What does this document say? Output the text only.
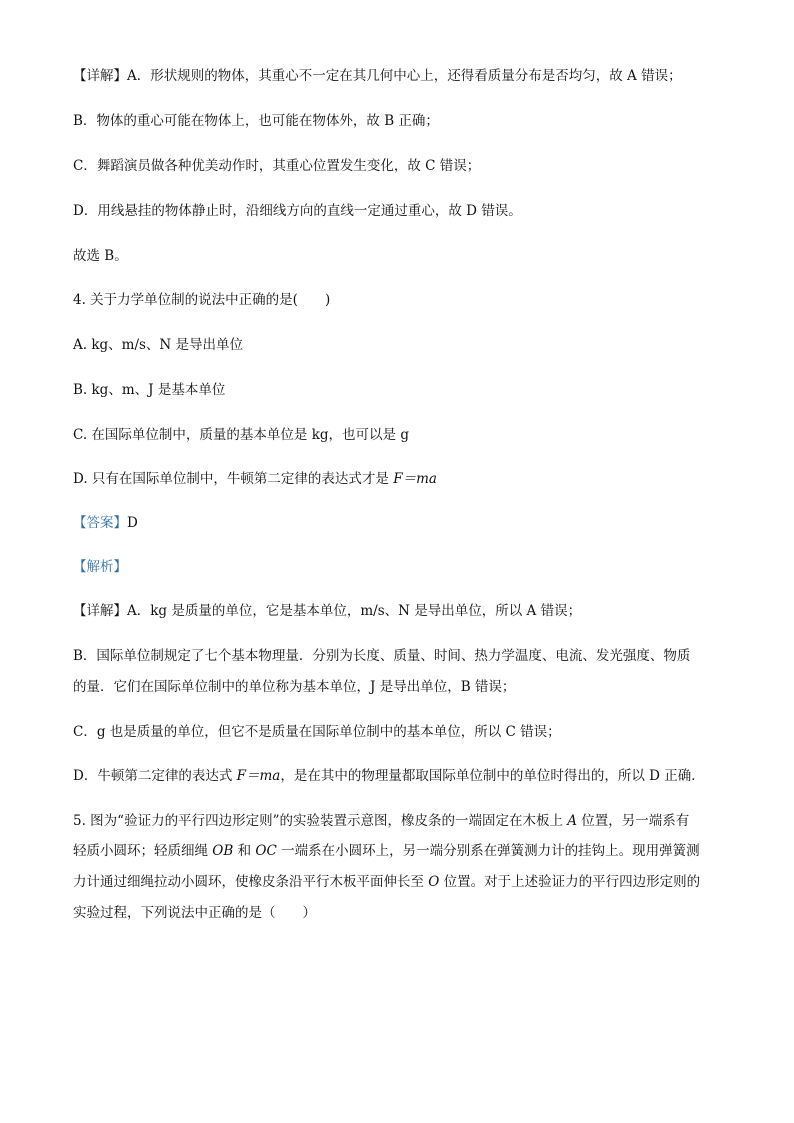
【详解】A．形状规则的物体，其重心不一定在其几何中心上，还得看质量分布是否均匀，故 A 错误；
B．物体的重心可能在物体上，也可能在物体外，故 B 正确；
C．舞蹈演员做各种优美动作时，其重心位置发生变化，故 C 错误；
D．用线悬挂的物体静止时，沿细线方向的直线一定通过重心，故 D 错误。
故选 B。
4. 关于力学单位制的说法中正确的是(　　)
A. kg、m/s、N 是导出单位
B. kg、m、J 是基本单位
C. 在国际单位制中，质量的基本单位是 kg，也可以是 g
D. 只有在国际单位制中，牛顿第二定律的表达式才是 F＝ma
【答案】D
【解析】
【详解】A．kg 是质量的单位，它是基本单位，m/s、N 是导出单位，所以 A 错误；
B．国际单位制规定了七个基本物理量．分别为长度、质量、时间、热力学温度、电流、发光强度、物质
的量．它们在国际单位制中的单位称为基本单位，J 是导出单位，B 错误；
C．g 也是质量的单位，但它不是质量在国际单位制中的基本单位，所以 C 错误；
D．牛顿第二定律的表达式 F＝ma，是在其中的物理量都取国际单位制中的单位时得出的，所以 D 正确．
5. 图为“验证力的平行四边形定则”的实验装置示意图，橡皮条的一端固定在木板上 A 位置，另一端系有
轻质小圆环；轻质细绳 OB 和 OC 一端系在小圆环上，另一端分别系在弹簧测力计的挂钩上。现用弹簧测
力计通过细绳拉动小圆环，使橡皮条沿平行木板平面伸长至 O 位置。对于上述验证力的平行四边形定则的
实验过程，下列说法中正确的是（　　）
